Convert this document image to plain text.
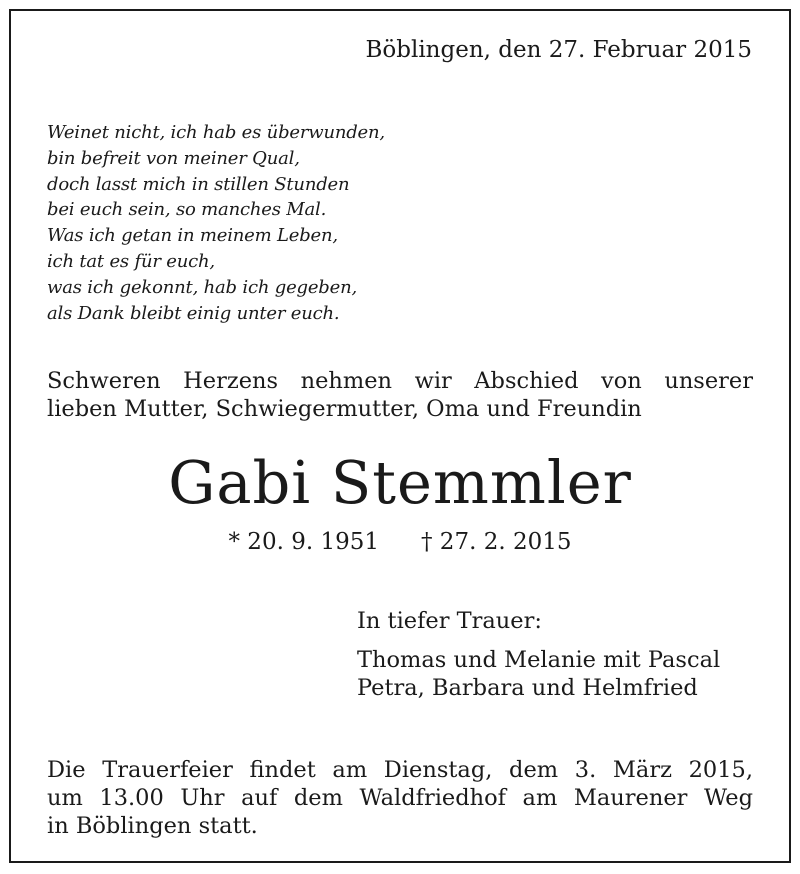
Böblingen, den 27. Februar 2015
Weinet nicht, ich hab es überwunden,
bin befreit von meiner Qual,
doch lasst mich in stillen Stunden
bei euch sein, so manches Mal.
Was ich getan in meinem Leben,
ich tat es für euch,
was ich gekonnt, hab ich gegeben,
als Dank bleibt einig unter euch.
Schweren Herzens nehmen wir Abschied von unserer
lieben Mutter, Schwiegermutter, Oma und Freundin
Gabi Stemmler
* 20. 9. 1951 † 27. 2. 2015
In tiefer Trauer:
Thomas und Melanie mit Pascal
Petra, Barbara und Helmfried
Die Trauerfeier findet am Dienstag, dem 3. März 2015,
um 13.00 Uhr auf dem Waldfriedhof am Maurener Weg
in Böblingen statt.
